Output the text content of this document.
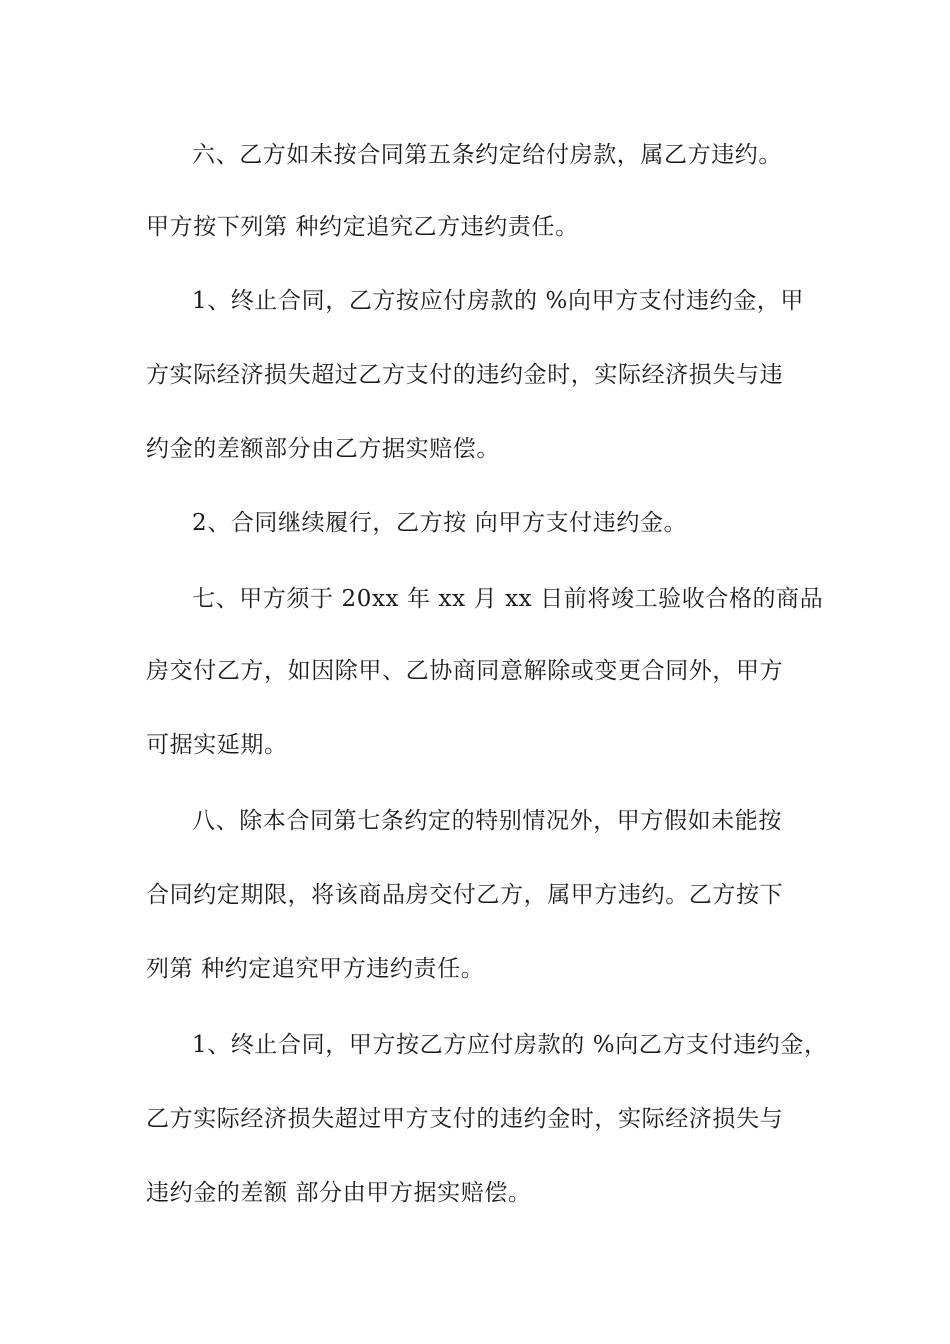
六、乙方如未按合同第五条约定给付房款，属乙方违约。
甲方按下列第 种约定追究乙方违约责任。
1、终止合同，乙方按应付房款的 %向甲方支付违约金，甲
方实际经济损失超过乙方支付的违约金时，实际经济损失与违
约金的差额部分由乙方据实赔偿。
2、合同继续履行，乙方按 向甲方支付违约金。
七、甲方须于 20xx 年 xx 月 xx 日前将竣工验收合格的商品
房交付乙方，如因除甲、乙协商同意解除或变更合同外，甲方
可据实延期。
八、除本合同第七条约定的特别情况外，甲方假如未能按
合同约定期限，将该商品房交付乙方，属甲方违约。乙方按下
列第 种约定追究甲方违约责任。
1、终止合同，甲方按乙方应付房款的 %向乙方支付违约金，
乙方实际经济损失超过甲方支付的违约金时，实际经济损失与
违约金的差额 部分由甲方据实赔偿。
